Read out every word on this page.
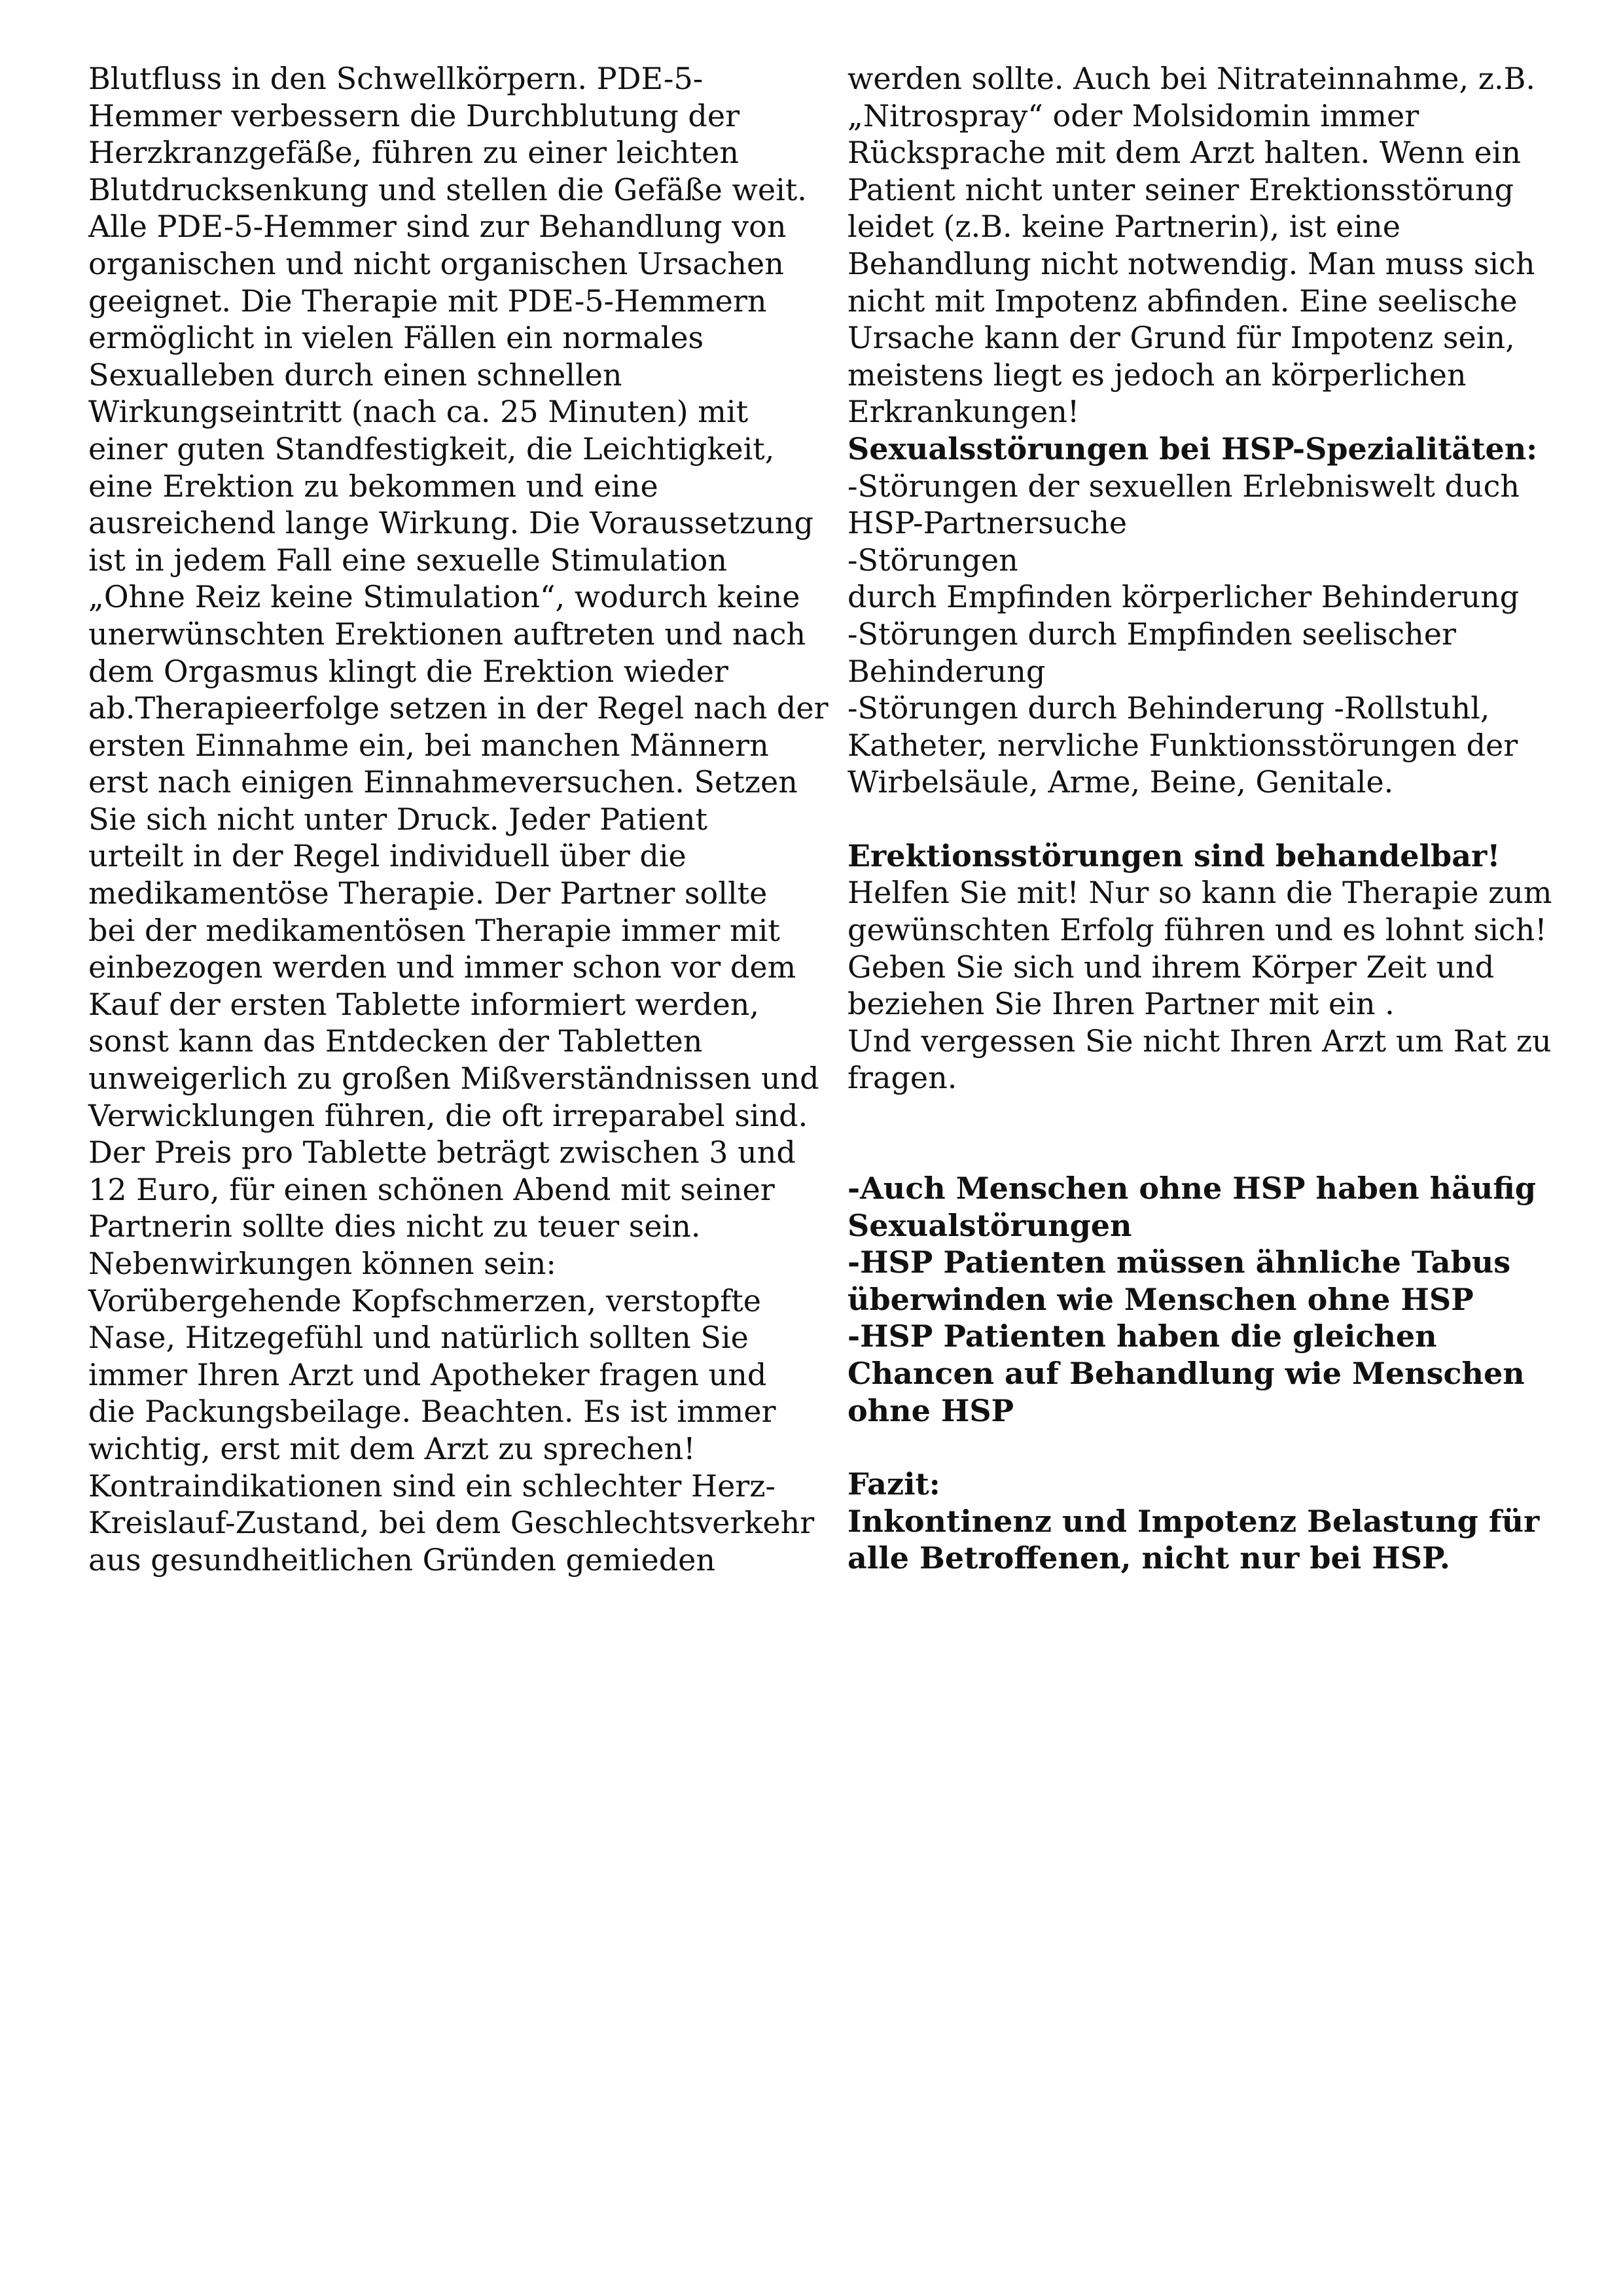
Blutfluss in den Schwellkörpern. PDE-5-
Hemmer verbessern die Durchblutung der
Herzkranzgefäße, führen zu einer leichten
Blutdrucksenkung und stellen die Gefäße weit.
Alle PDE-5-Hemmer sind zur Behandlung von
organischen und nicht organischen Ursachen
geeignet. Die Therapie mit PDE-5-Hemmern
ermöglicht in vielen Fällen ein normales
Sexualleben durch einen schnellen
Wirkungseintritt (nach ca. 25 Minuten) mit
einer guten Standfestigkeit, die Leichtigkeit,
eine Erektion zu bekommen und eine
ausreichend lange Wirkung. Die Voraussetzung
ist in jedem Fall eine sexuelle Stimulation
„Ohne Reiz keine Stimulation“, wodurch keine
unerwünschten Erektionen auftreten und nach
dem Orgasmus klingt die Erektion wieder
ab.Therapieerfolge setzen in der Regel nach der
ersten Einnahme ein, bei manchen Männern
erst nach einigen Einnahmeversuchen. Setzen
Sie sich nicht unter Druck. Jeder Patient
urteilt in der Regel individuell über die
medikamentöse Therapie. Der Partner sollte
bei der medikamentösen Therapie immer mit
einbezogen werden und immer schon vor dem
Kauf der ersten Tablette informiert werden,
sonst kann das Entdecken der Tabletten
unweigerlich zu großen Mißverständnissen und
Verwicklungen führen, die oft irreparabel sind.
Der Preis pro Tablette beträgt zwischen 3 und
12 Euro, für einen schönen Abend mit seiner
Partnerin sollte dies nicht zu teuer sein.
Nebenwirkungen können sein:
Vorübergehende Kopfschmerzen, verstopfte
Nase, Hitzegefühl und natürlich sollten Sie
immer Ihren Arzt und Apotheker fragen und
die Packungsbeilage. Beachten. Es ist immer
wichtig, erst mit dem Arzt zu sprechen!
Kontraindikationen sind ein schlechter Herz-
Kreislauf-Zustand, bei dem Geschlechtsverkehr
aus gesundheitlichen Gründen gemieden
werden sollte. Auch bei Nitrateinnahme, z.B.
„Nitrospray“ oder Molsidomin immer
Rücksprache mit dem Arzt halten. Wenn ein
Patient nicht unter seiner Erektionsstörung
leidet (z.B. keine Partnerin), ist eine
Behandlung nicht notwendig. Man muss sich
nicht mit Impotenz abfinden. Eine seelische
Ursache kann der Grund für Impotenz sein,
meistens liegt es jedoch an körperlichen
Erkrankungen!
Sexualsstörungen bei HSP-Spezialitäten:
-Störungen der sexuellen Erlebniswelt duch
HSP-Partnersuche
-Störungen
durch Empfinden körperlicher Behinderung
-Störungen durch Empfinden seelischer
Behinderung
-Störungen durch Behinderung -Rollstuhl,
Katheter, nervliche Funktionsstörungen der
Wirbelsäule, Arme, Beine, Genitale.
Erektionsstörungen sind behandelbar!
Helfen Sie mit! Nur so kann die Therapie zum
gewünschten Erfolg führen und es lohnt sich!
Geben Sie sich und ihrem Körper Zeit und
beziehen Sie Ihren Partner mit ein .
Und vergessen Sie nicht Ihren Arzt um Rat zu
fragen.
-Auch Menschen ohne HSP haben häufig
Sexualstörungen
-HSP Patienten müssen ähnliche Tabus
überwinden wie Menschen ohne HSP
-HSP Patienten haben die gleichen
Chancen auf Behandlung wie Menschen
ohne HSP
Fazit:
Inkontinenz und Impotenz Belastung für
alle Betroffenen, nicht nur bei HSP.
